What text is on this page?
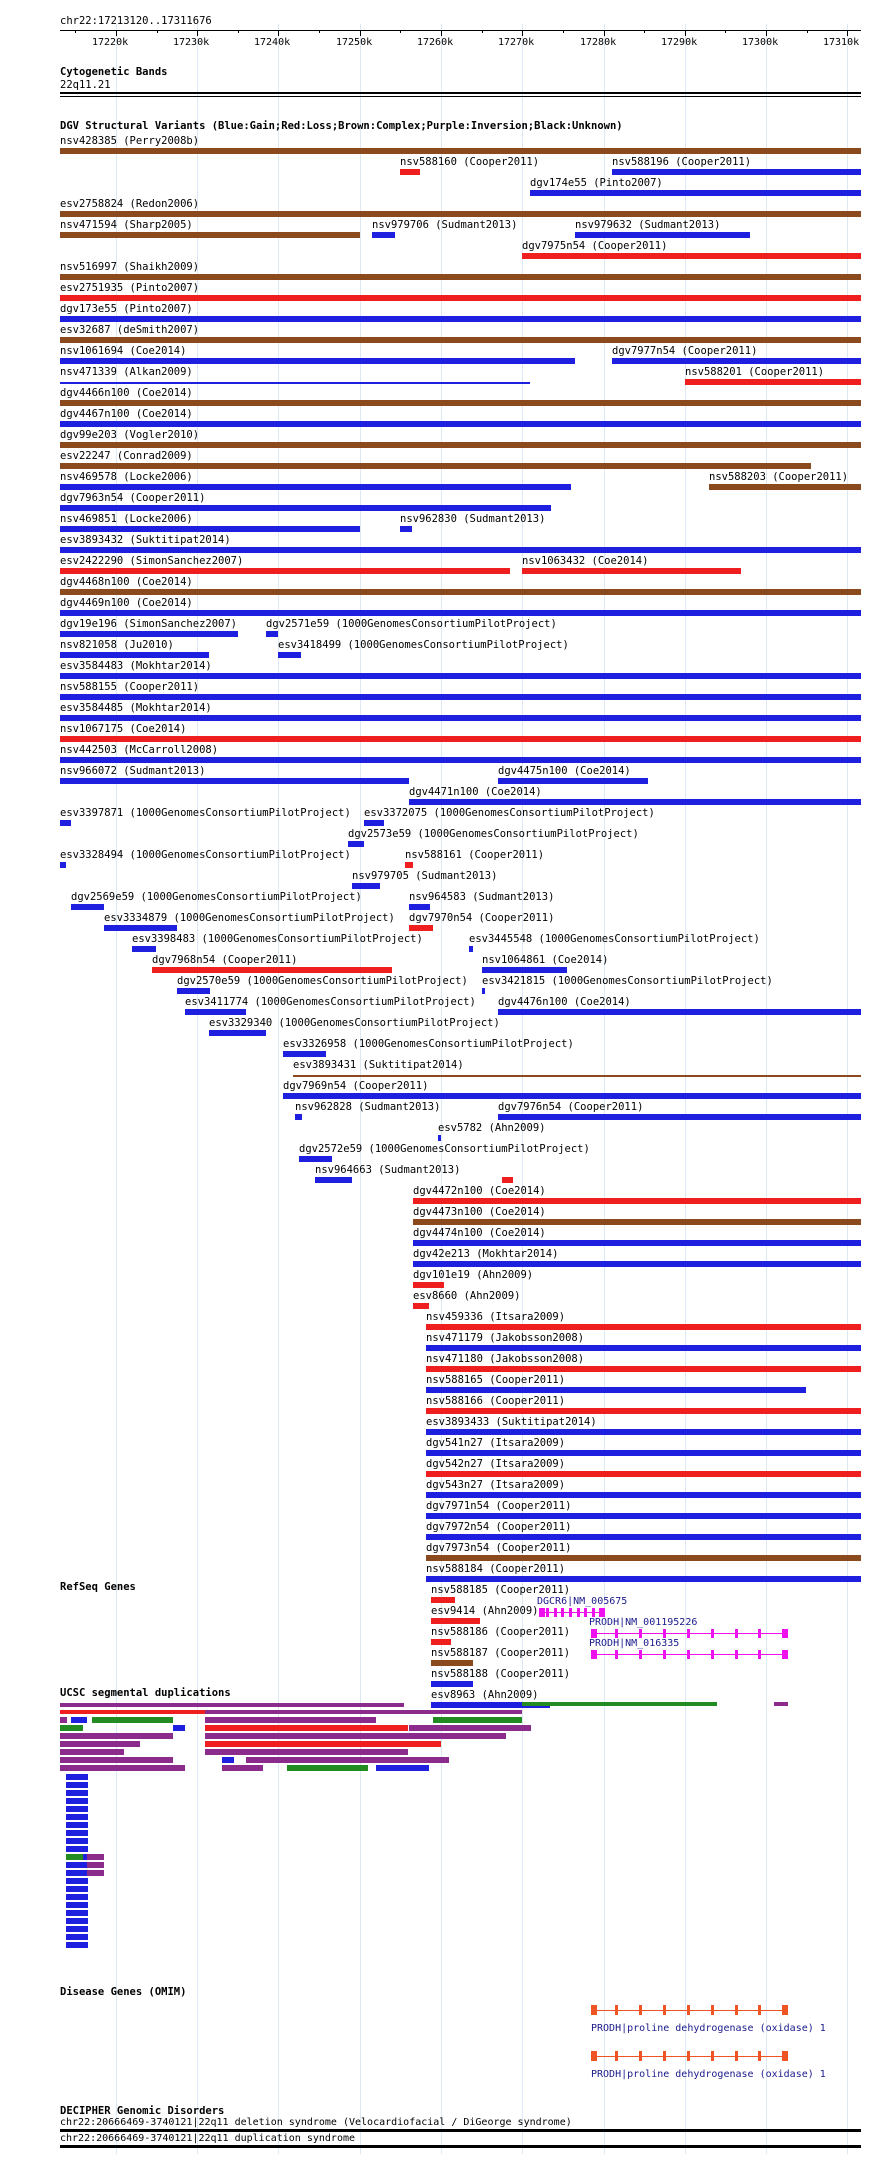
chr22:17213120..17311676
17220k	17230k	17240k	17250k	17260k	17270k	17280k	17290k	17300k	17310k
Cytogenetic Bands
22q11.21
DGV Structural Variants (Blue:Gain;Red:Loss;Brown:Complex;Purple:Inversion;Black:Unknown)
nsv428385 (Perry2008b)
nsv588160 (Cooper2011)
dgv174e55 (Pinto2007)
esv2758824 (Redon2006)
nsv471594 (Sharp2005)	nsv979706 (Sudmant2013)
dgv7975n54 (Cooper2011)
nsv516997 (Shaikh2009)
esv2751935 (Pinto2007)
dgv173e55 (Pinto2007)
esv32687 (deSmith2007)
nsv1061694 (Coe2014)
nsv588196 (Cooper2011)
nsv471339 (Alkan2009)
nsv979632 (Sudmant2013)
dgv4466n100 (Coe2014)
dgv4467n100 (Coe2014)
dgv99e203 (Vogler2010)
esv22247 (Conrad2009)
nsv469578 (Locke2006)
dgv7977n54 (Cooper2011)
dgv7963n54 (Cooper2011)
nsv588201 (Cooper2011)
nsv469851 (Locke2006)	nsv962830 (Sudmant2013)
nsv588203 (Cooper2011)
esv3893432 (Suktitipat2014)
esv2422290 (SimonSanchez2007)	nsv1063432 (Coe2014)
dgv4468n100 (Coe2014)
dgv4469n100 (Coe2014)
dgv19e196 (SimonSanchez2007)	dgv2571e59 (1000GenomesConsortiumPilotProject)
nsv821058 (Ju2010)	esv3418499 (1000GenomesConsortiumPilotProject)
esv3584483 (Mokhtar2014)
nsv588155 (Cooper2011)
esv3584485 (Mokhtar2014)
nsv1067175 (Coe2014)
nsv442503 (McCarroll2008)
nsv966072 (Sudmant2013)
dgv4471n100 (Coe2014)
esv3397871 (1000GenomesConsortiumPilotProject)
dgv2573e59 (1000GenomesConsortiumPilotProject)
esv3328494 (1000GenomesConsortiumPilotProject)
nsv979705 (Sudmant2013)
dgv4475n100 (Coe2014)
dgv2569e59 (1000GenomesConsortiumPilotProject)
esv3372075 (1000GenomesConsortiumPilotProject)
esv3334879 (1000GenomesConsortiumPilotProject)
nsv588161 (Cooper2011)
esv3398483 (1000GenomesConsortiumPilotProject)
nsv964583 (Sudmant2013)
dgv7968n54 (Cooper2011)
dgv7970n54 (Cooper2011)
dgv2570e59 (1000GenomesConsortiumPilotProject)
esv3445548 (1000GenomesConsortiumPilotProject)
esv3411774 (1000GenomesConsortiumPilotProject)
nsv1064861 (Coe2014)
esv3329340 (1000GenomesConsortiumPilotProject)
esv3421815 (1000GenomesConsortiumPilotProject)
esv3326958 (1000GenomesConsortiumPilotProject)
esv3893431 (Suktitipat2014)
dgv7969n54 (Cooper2011)
nsv962828 (Sudmant2013)
esv5782 (Ahn2009)
dgv2572e59 (1000GenomesConsortiumPilotProject)
nsv964663 (Sudmant2013)
dgv4476n100 (Coe2014)
dgv4472n100 (Coe2014)
dgv4473n100 (Coe2014)
dgv4474n100 (Coe2014)
dgv42e213 (Mokhtar2014)
dgv101e19 (Ahn2009)
esv8660 (Ahn2009)
dgv7976n54 (Cooper2011)
nsv459336 (Itsara2009)
nsv471179 (Jakobsson2008)
nsv471180 (Jakobsson2008)
nsv588165 (Cooper2011)
nsv588166 (Cooper2011)
esv3893433 (Suktitipat2014)
dgv541n27 (Itsara2009)
dgv542n27 (Itsara2009)
dgv543n27 (Itsara2009)
dgv7971n54 (Cooper2011)
dgv7972n54 (Cooper2011)
dgv7973n54 (Cooper2011)
nsv588184 (Cooper2011)
nsv588185 (Cooper2011)
esv9414 (Ahn2009)
nsv588186 (Cooper2011)
nsv588187 (Cooper2011)
nsv588188 (Cooper2011)
esv8963 (Ahn2009)
RefSeq Genes
DGCR6|NM_005675
PRODH|NM_001195226
PRODH|NM_016335
UCSC segmental duplications
Disease Genes (OMIM)
PRODH|proline dehydrogenase (oxidase) 1
PRODH|proline dehydrogenase (oxidase) 1
DECIPHER Genomic Disorders
chr22:20666469-3740121|22q11 deletion syndrome (Velocardiofacial / DiGeorge syndrome)
chr22:20666469-3740121|22q11 duplication syndrome
